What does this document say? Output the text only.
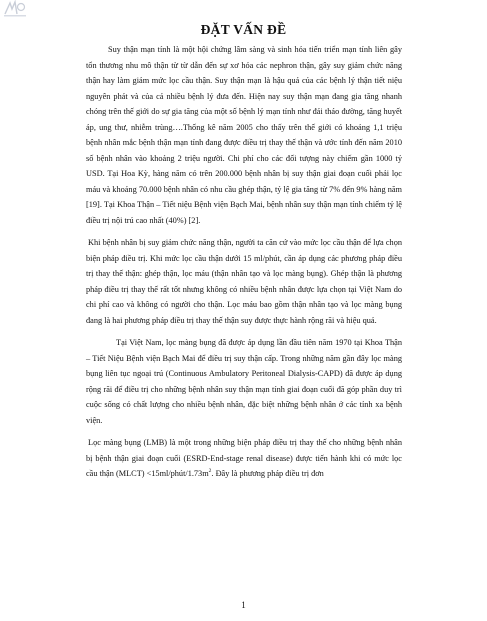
ĐẶT VẤN ĐỀ

Suy thận mạn tính là một hội chứng lâm sàng và sinh hóa tiến triển mạn tính liên gây tổn thương nhu mô thận từ từ dẫn đến sự xơ hóa các nephron thận, gây suy giảm chức năng thận hay làm giảm mức lọc cầu thận. Suy thận mạn là hậu quả của các bệnh lý thận tiết niệu nguyên phát và của cả nhiều bệnh lý đưa đến. Hiện nay suy thận mạn đang gia tăng nhanh chóng trên thế giới do sự gia tăng của một số bệnh lý mạn tính như đái tháo đường, tăng huyết áp, ung thư, nhiễm trùng….Thống kê năm 2005 cho thấy trên thế giới có khoảng 1,1 triệu bệnh nhân mắc bệnh thận mạn tính đang được điều trị thay thế thận và ước tính đến năm 2010 số bệnh nhân vào khoảng 2 triệu người. Chi phí cho các đối tượng này chiếm gần 1000 tỷ USD. Tại Hoa Kỳ, hàng năm có trên 200.000 bệnh nhân bị suy thận giai đoạn cuối phải lọc máu và khoảng 70.000 bệnh nhân có nhu cầu ghép thận, tỷ lệ gia tăng từ 7% đến 9% hàng năm [19]. Tại Khoa Thận – Tiết niệu Bệnh viện Bạch Mai, bệnh nhân suy thận mạn tính chiếm tỷ lệ điều trị nội trú cao nhất (40%) [2].

Khi bệnh nhân bị suy giảm chức năng thận, người ta căn cứ vào mức lọc cầu thận để lựa chọn biện pháp điều trị. Khi mức lọc cầu thận dưới 15 ml/phút, cần áp dụng các phương pháp điều trị thay thế thận: ghép thận, lọc máu (thận nhân tạo và lọc màng bụng). Ghép thận là phương pháp điều trị thay thế rất tốt nhưng không có nhiều bệnh nhân được lựa chọn tại Việt Nam do chi phí cao và không có người cho thận. Lọc máu bao gồm thận nhân tạo và lọc màng bụng đang là hai phương pháp điều trị thay thế thận suy được thực hành rộng rãi và hiệu quả.

Tại Việt Nam, lọc màng bụng đã được áp dụng lần đầu tiên năm 1970 tại Khoa Thận – Tiết Niệu Bệnh viện Bạch Mai để điều trị suy thận cấp. Trong những năm gần đây lọc màng bụng liên tục ngoại trú (Continuous Ambulatory Peritoneal Dialysis-CAPD) đã được áp dụng rộng rãi để điều trị cho những bệnh nhân suy thận mạn tính giai đoạn cuối đã góp phần duy trì cuộc sống có chất lượng cho nhiều bệnh nhân, đặc biệt những bệnh nhân ở các tỉnh xa bệnh viện.

Lọc màng bụng (LMB) là một trong những biện pháp điều trị thay thế cho những bệnh nhân bị bệnh thận giai đoạn cuối (ESRD-End-stage renal disease) được tiến hành khi có mức lọc cầu thận (MLCT) $<15ml/phút/1.73m^2$. Đây là phương pháp điều trị đơn

1
